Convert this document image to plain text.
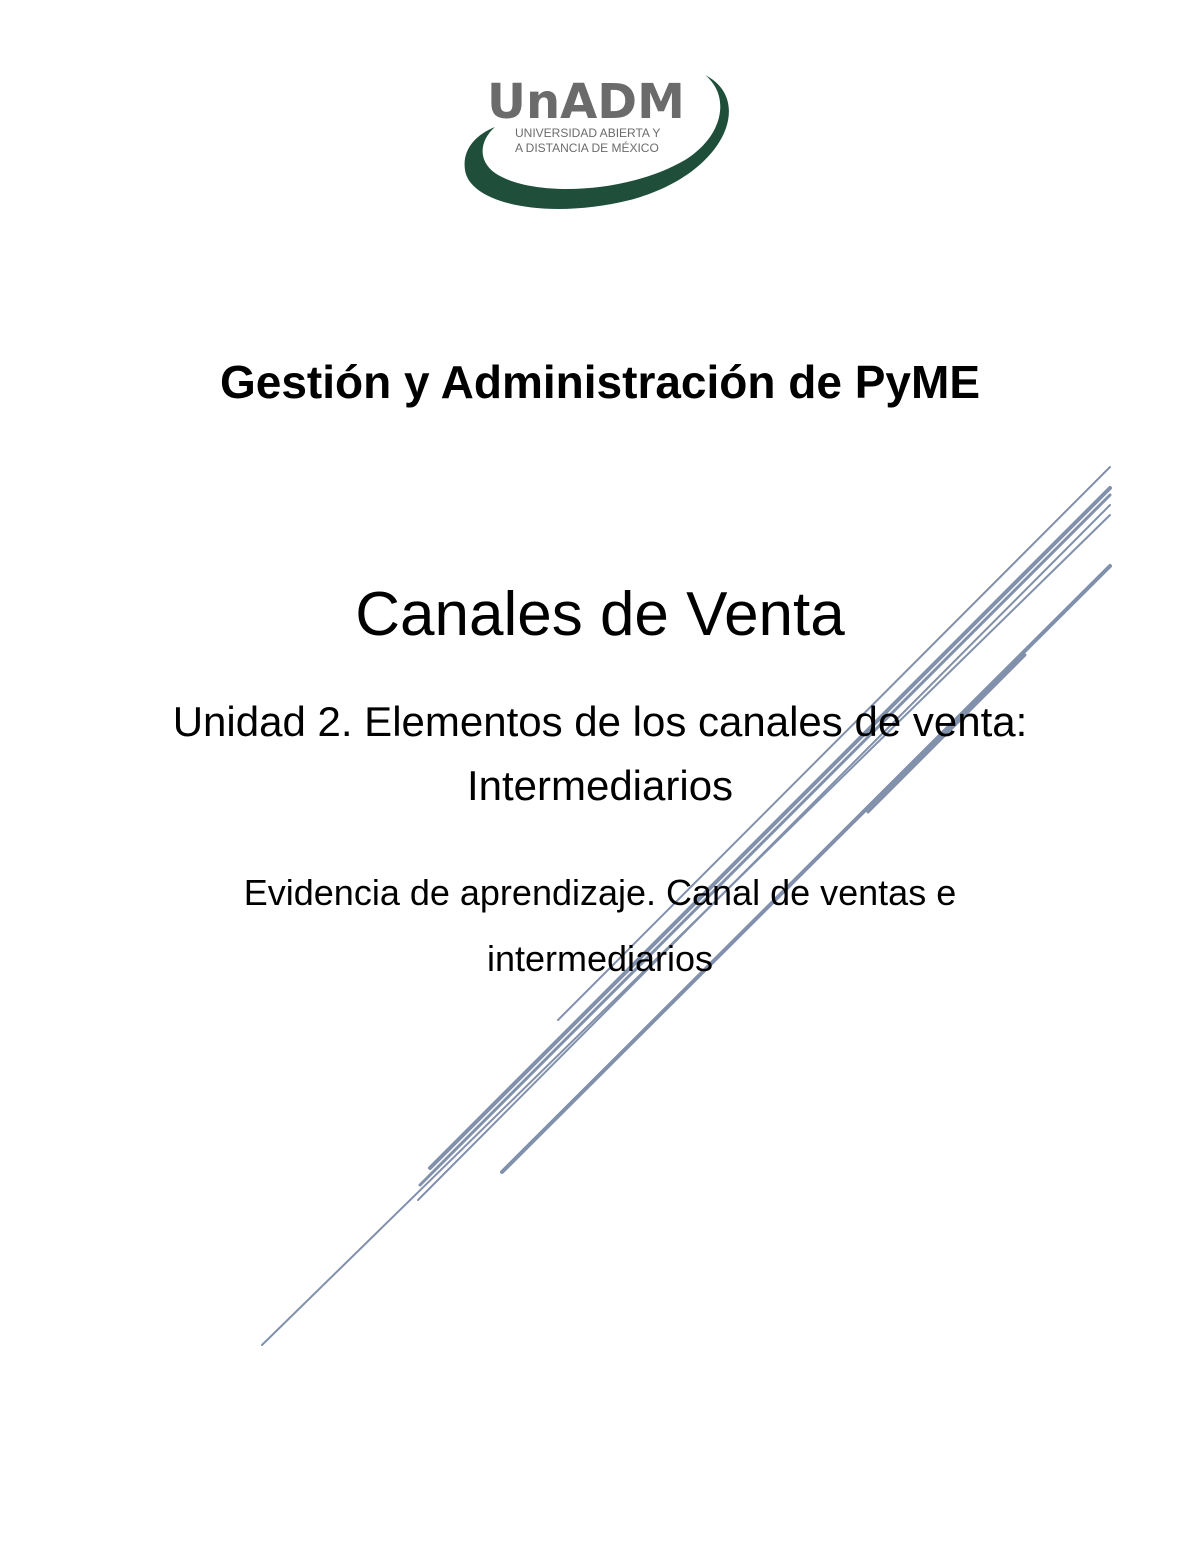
UnADM
UNIVERSIDAD ABIERTA Y
A DISTANCIA DE MÉXICO
Gestión y Administración de PyME
Canales de Venta
Unidad 2. Elementos de los canales de venta: Intermediarios
Evidencia de aprendizaje. Canal de ventas e intermediarios
